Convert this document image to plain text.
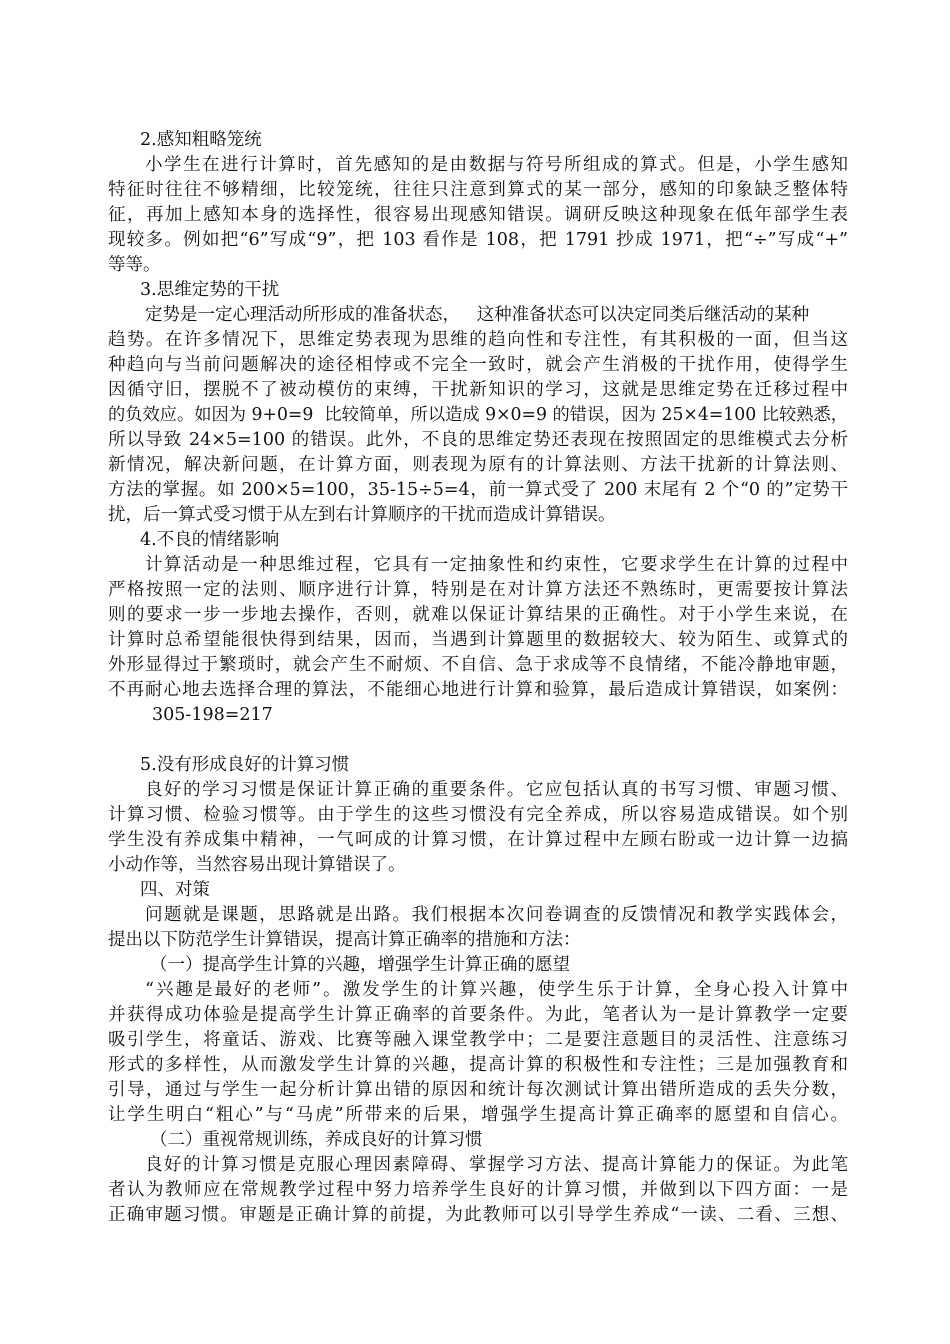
2.感知粗略笼统

小学生在进行计算时，首先感知的是由数据与符号所组成的算式。但是，小学生感知

特征时往往不够精细，比较笼统，往往只注意到算式的某一部分，感知的印象缺乏整体特

征，再加上感知本身的选择性，很容易出现感知错误。调研反映这种现象在低年部学生表

现较多。例如把“6”写成“9”，把 103 看作是 108，把 1791 抄成 1971，把“÷”写成“+”

等等。

3.思维定势的干扰

定势是一定心理活动所形成的准备状态，   这种准备状态可以决定同类后继活动的某种

趋势。在许多情况下，思维定势表现为思维的趋向性和专注性，有其积极的一面，但当这

种趋向与当前问题解决的途径相悖或不完全一致时，就会产生消极的干扰作用，使得学生

因循守旧，摆脱不了被动模仿的束缚，干扰新知识的学习，这就是思维定势在迁移过程中

的负效应。如因为 9+0=9  比较简单，所以造成 9×0=9 的错误，因为 25×4=100 比较熟悉，

所以导致 24×5=100 的错误。此外，不良的思维定势还表现在按照固定的思维模式去分析

新情况，解决新问题，在计算方面，则表现为原有的计算法则、方法干扰新的计算法则、

方法的掌握。如 200×5=100，35-15÷5=4，前一算式受了 200 末尾有 2 个“0 的”定势干

扰，后一算式受习惯于从左到右计算顺序的干扰而造成计算错误。

4.不良的情绪影响

计算活动是一种思维过程，它具有一定抽象性和约束性，它要求学生在计算的过程中

严格按照一定的法则、顺序进行计算，特别是在对计算方法还不熟练时，更需要按计算法

则的要求一步一步地去操作，否则，就难以保证计算结果的正确性。对于小学生来说，在

计算时总希望能很快得到结果，因而，当遇到计算题里的数据较大、较为陌生、或算式的

外形显得过于繁琐时，就会产生不耐烦、不自信、急于求成等不良情绪，不能冷静地审题，

不再耐心地去选择合理的算法，不能细心地进行计算和验算，最后造成计算错误，如案例：

305-198=217

5.没有形成良好的计算习惯

良好的学习习惯是保证计算正确的重要条件。它应包括认真的书写习惯、审题习惯、

计算习惯、检验习惯等。由于学生的这些习惯没有完全养成，所以容易造成错误。如个别

学生没有养成集中精神，一气呵成的计算习惯，在计算过程中左顾右盼或一边计算一边搞

小动作等，当然容易出现计算错误了。

四、对策

问题就是课题，思路就是出路。我们根据本次问卷调查的反馈情况和教学实践体会，

提出以下防范学生计算错误，提高计算正确率的措施和方法：

（一）提高学生计算的兴趣，增强学生计算正确的愿望

“兴趣是最好的老师”。激发学生的计算兴趣，使学生乐于计算，全身心投入计算中

并获得成功体验是提高学生计算正确率的首要条件。为此，笔者认为一是计算教学一定要

吸引学生，将童话、游戏、比赛等融入课堂教学中；二是要注意题目的灵活性、注意练习

形式的多样性，从而激发学生计算的兴趣，提高计算的积极性和专注性；三是加强教育和

引导，通过与学生一起分析计算出错的原因和统计每次测试计算出错所造成的丢失分数，

让学生明白“粗心”与“马虎”所带来的后果，增强学生提高计算正确率的愿望和自信心。

（二）重视常规训练，养成良好的计算习惯

良好的计算习惯是克服心理因素障碍、掌握学习方法、提高计算能力的保证。为此笔

者认为教师应在常规教学过程中努力培养学生良好的计算习惯，并做到以下四方面：一是

正确审题习惯。审题是正确计算的前提，为此教师可以引导学生养成“一读、二看、三想、
